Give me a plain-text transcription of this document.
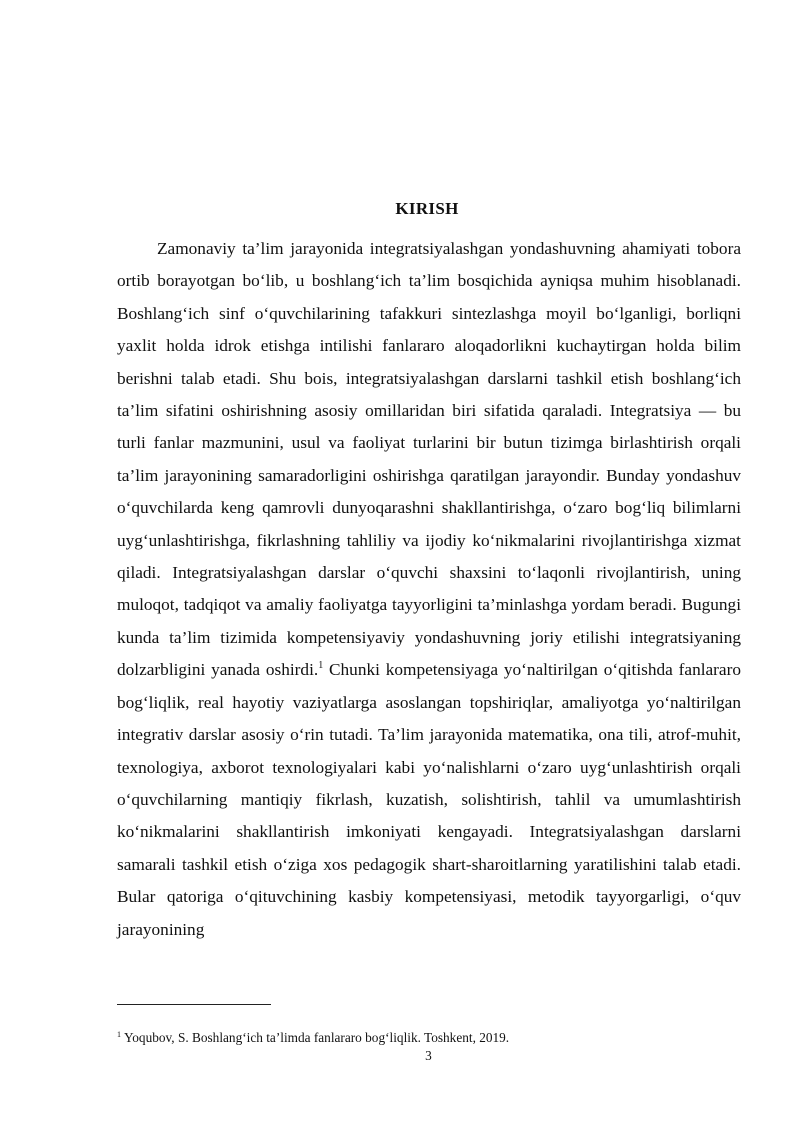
KIRISH

Zamonaviy ta’lim jarayonida integratsiyalashgan yondashuvning ahamiyati tobora ortib borayotgan bo‘lib, u boshlang‘ich ta’lim bosqichida ayniqsa muhim hisoblanadi. Boshlang‘ich sinf o‘quvchilarining tafakkuri sintezlashga moyil bo‘lganligi, borliqni yaxlit holda idrok etishga intilishi fanlararo aloqadorlikni kuchaytirgan holda bilim berishni talab etadi. Shu bois, integratsiyalashgan darslarni tashkil etish boshlang‘ich ta’lim sifatini oshirishning asosiy omillaridan biri sifatida qaraladi. Integratsiya — bu turli fanlar mazmunini, usul va faoliyat turlarini bir butun tizimga birlashtirish orqali ta’lim jarayonining samaradorligini oshirishga qaratilgan jarayondir. Bunday yondashuv o‘quvchilarda keng qamrovli dunyoqarashni shakllantirishga, o‘zaro bog‘liq bilimlarni uyg‘unlashtirishga, fikrlashning tahliliy va ijodiy ko‘nikmalarini rivojlantirishga xizmat qiladi. Integratsiyalashgan darslar o‘quvchi shaxsini to‘laqonli rivojlantirish, uning muloqot, tadqiqot va amaliy faoliyatga tayyorligini ta’minlashga yordam beradi. Bugungi kunda ta’lim tizimida kompetensiyaviy yondashuvning joriy etilishi integratsiyaning dolzarbligini yanada oshirdi.$^1$ Chunki kompetensiyaga yo‘naltirilgan o‘qitishda fanlararo bog‘liqlik, real hayotiy vaziyatlarga asoslangan topshiriqlar, amaliyotga yo‘naltirilgan integrativ darslar asosiy o‘rin tutadi. Ta’lim jarayonida matematika, ona tili, atrof-muhit, texnologiya, axborot texnologiyalari kabi yo‘nalishlarni o‘zaro uyg‘unlashtirish orqali o‘quvchilarning mantiqiy fikrlash, kuzatish, solishtirish, tahlil va umumlashtirish ko‘nikmalarini shakllantirish imkoniyati kengayadi. Integratsiyalashgan darslarni samarali tashkil etish o‘ziga xos pedagogik shart-sharoitlarning yaratilishini talab etadi. Bular qatoriga o‘qituvchining kasbiy kompetensiyasi, metodik tayyorgarligi, o‘quv jarayonining

$^1$ Yoqubov, S. Boshlang‘ich ta’limda fanlararo bog‘liqlik. Toshkent, 2019.
3
